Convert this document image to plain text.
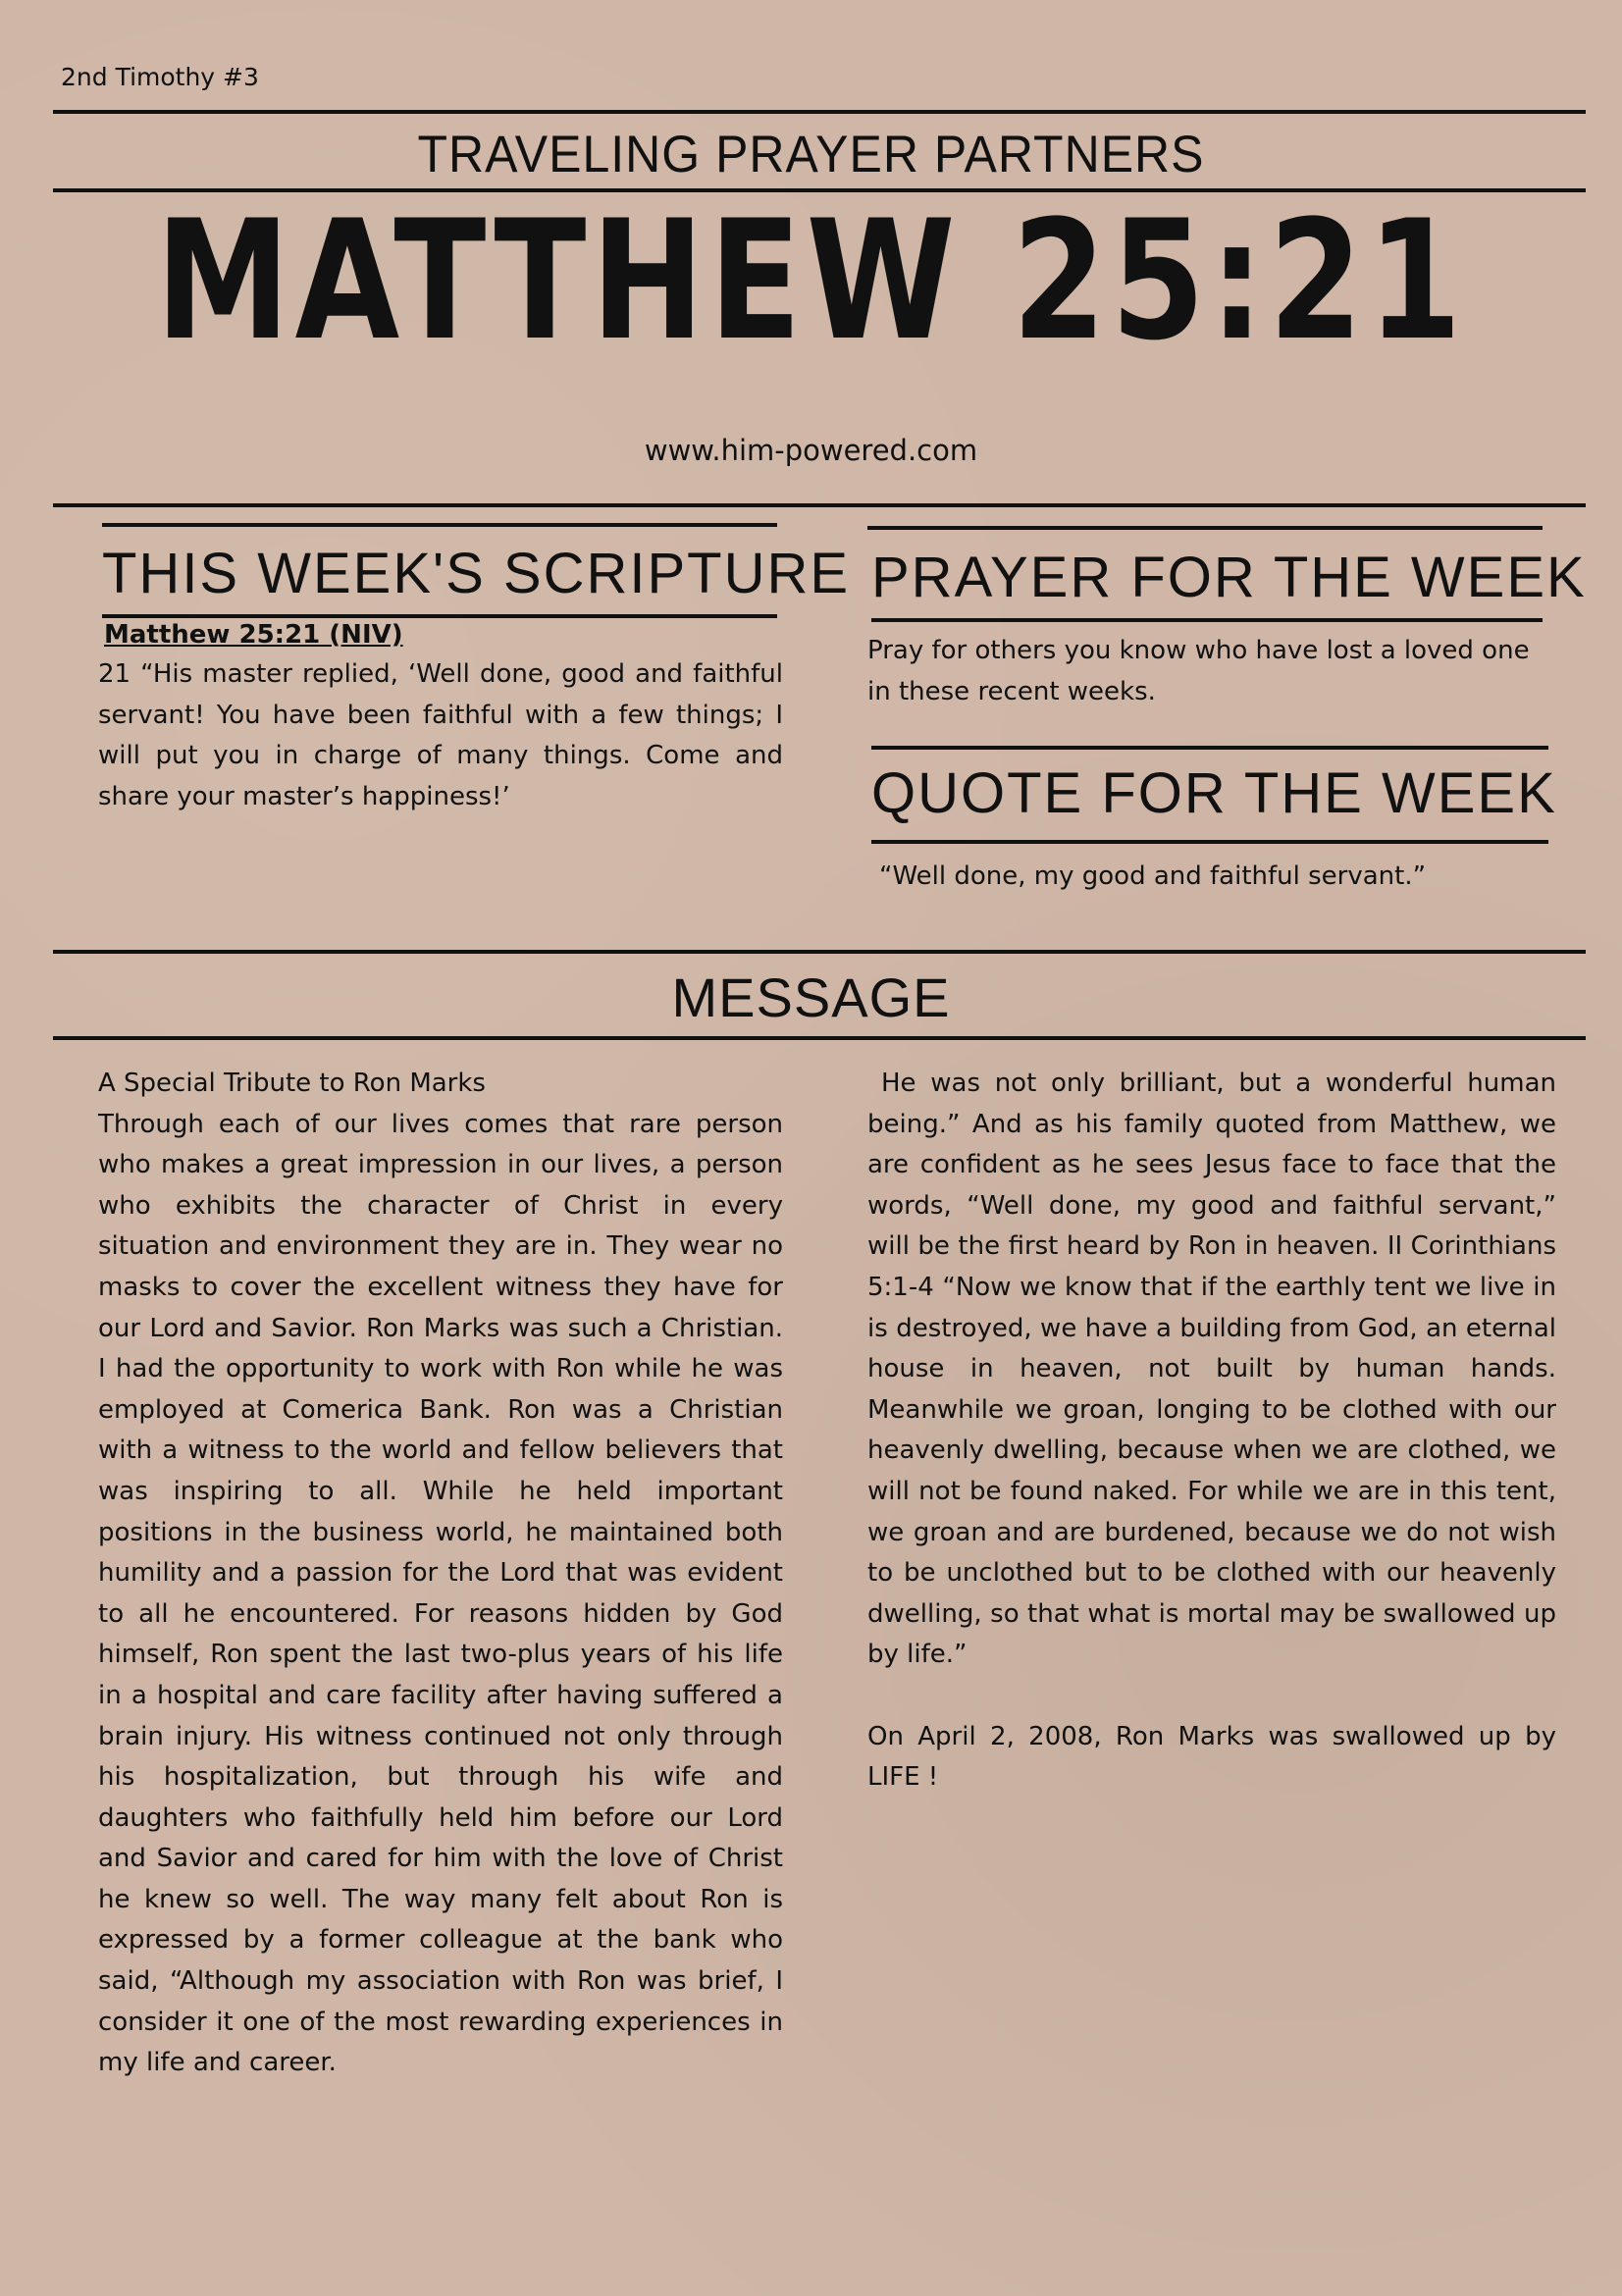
2nd Timothy #3
TRAVELING PRAYER PARTNERS
MATTHEW 25:21
www.him-powered.com
THIS WEEK'S SCRIPTURE
Matthew 25:21 (NIV)
21 “His master replied, ‘Well done, good and faithful servant! You have been faithful with a few things; I will put you in charge of many things. Come and share your master’s happiness!’
PRAYER FOR THE WEEK
Pray for others you know who have lost a loved one in these recent weeks.
QUOTE FOR THE WEEK
“Well done, my good and faithful servant.”
MESSAGE
A Special Tribute to Ron Marks
Through each of our lives comes that rare person who makes a great impression in our lives, a person who exhibits the character of Christ in every situation and environment they are in. They wear no masks to cover the excellent witness they have for our Lord and Savior. Ron Marks was such a Christian. I had the opportunity to work with Ron while he was employed at Comerica Bank. Ron was a Christian with a witness to the world and fellow believers that was inspiring to all. While he held important positions in the business world, he maintained both humility and a passion for the Lord that was evident to all he encountered. For reasons hidden by God himself, Ron spent the last two-plus years of his life in a hospital and care facility after having suffered a brain injury. His witness continued not only through his hospitalization, but through his wife and daughters who faithfully held him before our Lord and Savior and cared for him with the love of Christ he knew so well. The way many felt about Ron is expressed by a former colleague at the bank who said, “Although my association with Ron was brief, I consider it one of the most rewarding experiences in my life and career.
He was not only brilliant, but a wonderful human being.” And as his family quoted from Matthew, we are confident as he sees Jesus face to face that the words, “Well done, my good and faithful servant,” will be the first heard by Ron in heaven. II Corinthians 5:1-4 “Now we know that if the earthly tent we live in is destroyed, we have a building from God, an eternal house in heaven, not built by human hands. Meanwhile we groan, longing to be clothed with our heavenly dwelling, because when we are clothed, we will not be found naked. For while we are in this tent, we groan and are burdened, because we do not wish to be unclothed but to be clothed with our heavenly dwelling, so that what is mortal may be swallowed up by life.”
On April 2, 2008, Ron Marks was swallowed up by LIFE !
